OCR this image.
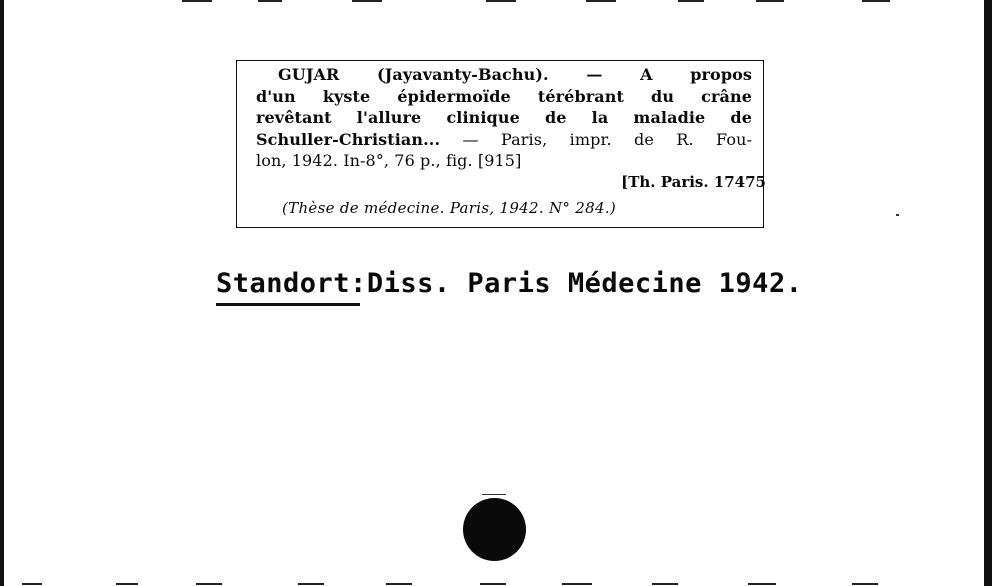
GUJAR (Jayavanty-Bachu). — A propos
d'un kyste épidermoïde térébrant du crâne
revêtant l'allure clinique de la maladie de
Schuller-Christian... — Paris, impr. de R. Fou-
lon, 1942. In-8°, 76 p., fig. [915]
[Th. Paris. 17475
(Thèse de médecine. Paris, 1942. N° 284.)
Standort:Diss. Paris Médecine 1942.
